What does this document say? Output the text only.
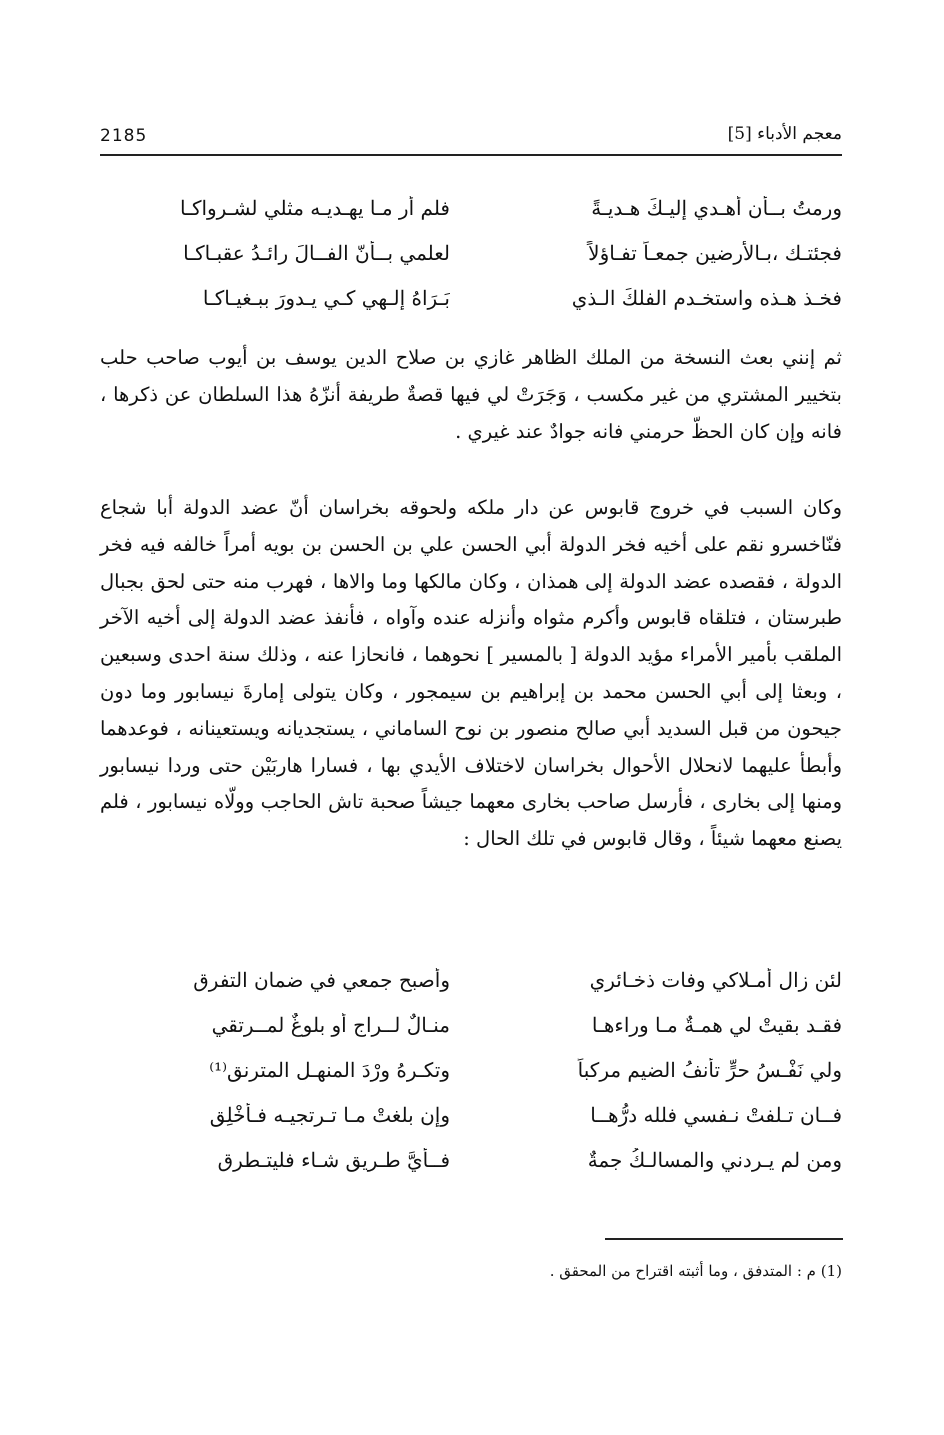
2185	معجم الأدباء [5]
ورمتُ بــأن أُهـدي إليـكَ هـديـةً
فلم أر مـا يهـديـه مثلي لشـرواكـا
فجئتـك ،بـالأرضين جمعـاً تفـاؤلاً
لعلمي بــأنّ الفــالَ رائـدُ عقبـاكـا
فخـذ هـذه واستخـدم الفلكَ الـذي
بَـرَاهُ إلـهي كـي يـدورَ ببـغيـاكـا

ثم إنني بعث النسخة من الملك الظاهر غازي بن صلاح الدين يوسف بن أيوب صاحب حلب بتخيير المشتري من غير مكسب ، وَجَرَتْ لي فيها قصةٌ طريفة أنزّهُ هذا السلطان عن ذكرها ، فانه وإن كان الحظّ حرمني فانه جوادٌ عند غيري .

وكان السبب في خروج قابوس عن دار ملكه ولحوقه بخراسان أنّ عضد الدولة أبا شجاع فنّاخسرو نقم على أخيه فخر الدولة أبي الحسن علي بن الحسن بن بويه أمراً خالفه فيه فخر الدولة ، فقصده عضد الدولة إلى همذان ، وكان مالكها وما والاها ، فهرب منه حتى لحق بجبال طبرستان ، فتلقاه قابوس وأكرم مثواه وأنزله عنده وآواه ، فأنفذ عضد الدولة إلى أخيه الآخر الملقب بأمير الأمراء مؤيد الدولة [ بالمسير ] نحوهما ، فانحازا عنه ، وذلك سنة احدى وسبعين ، وبعثا إلى أبي الحسن محمد بن إبراهيم بن سيمجور ، وكان يتولى إمارةَ نيسابور وما دون جيحون من قبل السديد أبي صالح منصور بن نوح الساماني ، يستجديانه ويستعينانه ، فوعدهما وأبطأ عليهما لانحلال الأحوال بخراسان لاختلاف الأيدي بها ، فسارا هاربَيْن حتى وردا نيسابور ومنها إلى بخارى ، فأرسل صاحب بخارى معهما جيشاً صحبة تاش الحاجب وولّاه نيسابور ، فلم يصنع معهما شيئاً ، وقال قابوس في تلك الحال :

لئن زال أمـلاكي وفات ذخـائري
وأصبح جمعي في ضمانِ التفرقِ
فقـد بقيتْ لي همـةٌ مـا وراءهـا
منـالٌ لــراجٍ أو بلوغٌ لمــرتقي
ولي نَفْـسُ حرٍّ تأنفُ الضيم مركباً
وتكـرهُ وِرْدَ المنهـلِ المترنقِ⁽¹⁾
فــان تـلفتْ نـفسي فلله درُّهــا
وإن بلغتْ مـا تـرتجيـه فـأخْلِقِ
ومن لم يـردني والمسالـكُ جمةٌ
فــأيَّ طـريقٍ شـاء فليتـطرقِ
(1) م : المتدفق ، وما أثبته اقتراح من المحقق .
